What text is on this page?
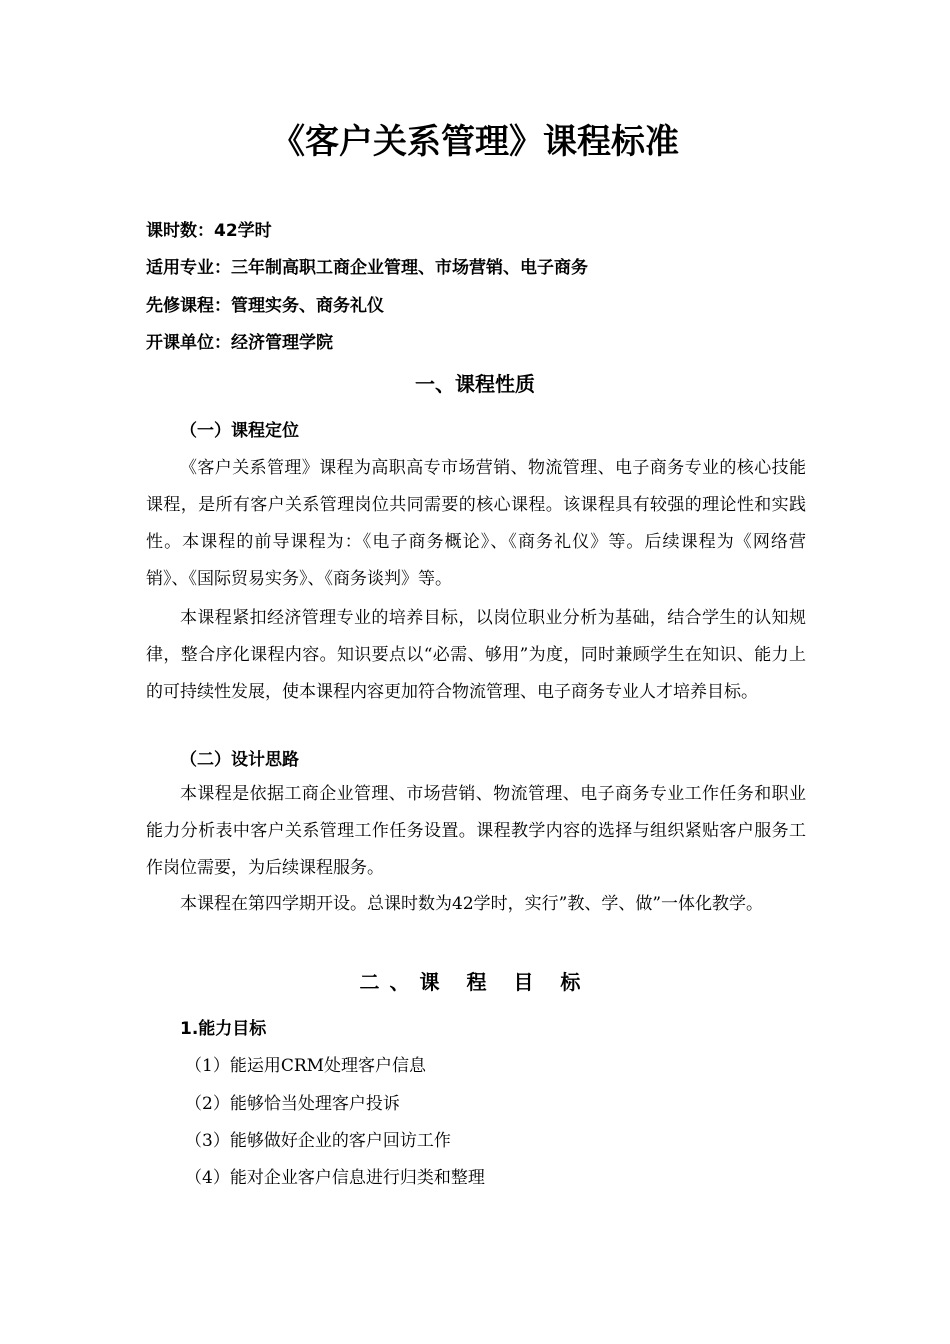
《客户关系管理》课程标准
课时数：42学时
适用专业：三年制高职工商企业管理、市场营销、电子商务
先修课程：管理实务、商务礼仪
开课单位：经济管理学院
一、课程性质
（一）课程定位
《客户关系管理》课程为高职高专市场营销、物流管理、电子商务专业的核心技能课程，是所有客户关系管理岗位共同需要的核心课程。该课程具有较强的理论性和实践性。本课程的前导课程为：《电子商务概论》、《商务礼仪》等。后续课程为《网络营销》、《国际贸易实务》、《商务谈判》等。
本课程紧扣经济管理专业的培养目标，以岗位职业分析为基础，结合学生的认知规律，整合序化课程内容。知识要点以“必需、够用”为度，同时兼顾学生在知识、能力上的可持续性发展，使本课程内容更加符合物流管理、电子商务专业人才培养目标。
（二）设计思路
本课程是依据工商企业管理、市场营销、物流管理、电子商务专业工作任务和职业能力分析表中客户关系管理工作任务设置。课程教学内容的选择与组织紧贴客户服务工作岗位需要，为后续课程服务。
本课程在第四学期开设。总课时数为42学时，实行”教、学、做”一体化教学。
二、课 程 目 标
1.能力目标
（1）能运用CRM处理客户信息
（2）能够恰当处理客户投诉
（3）能够做好企业的客户回访工作
（4）能对企业客户信息进行归类和整理
